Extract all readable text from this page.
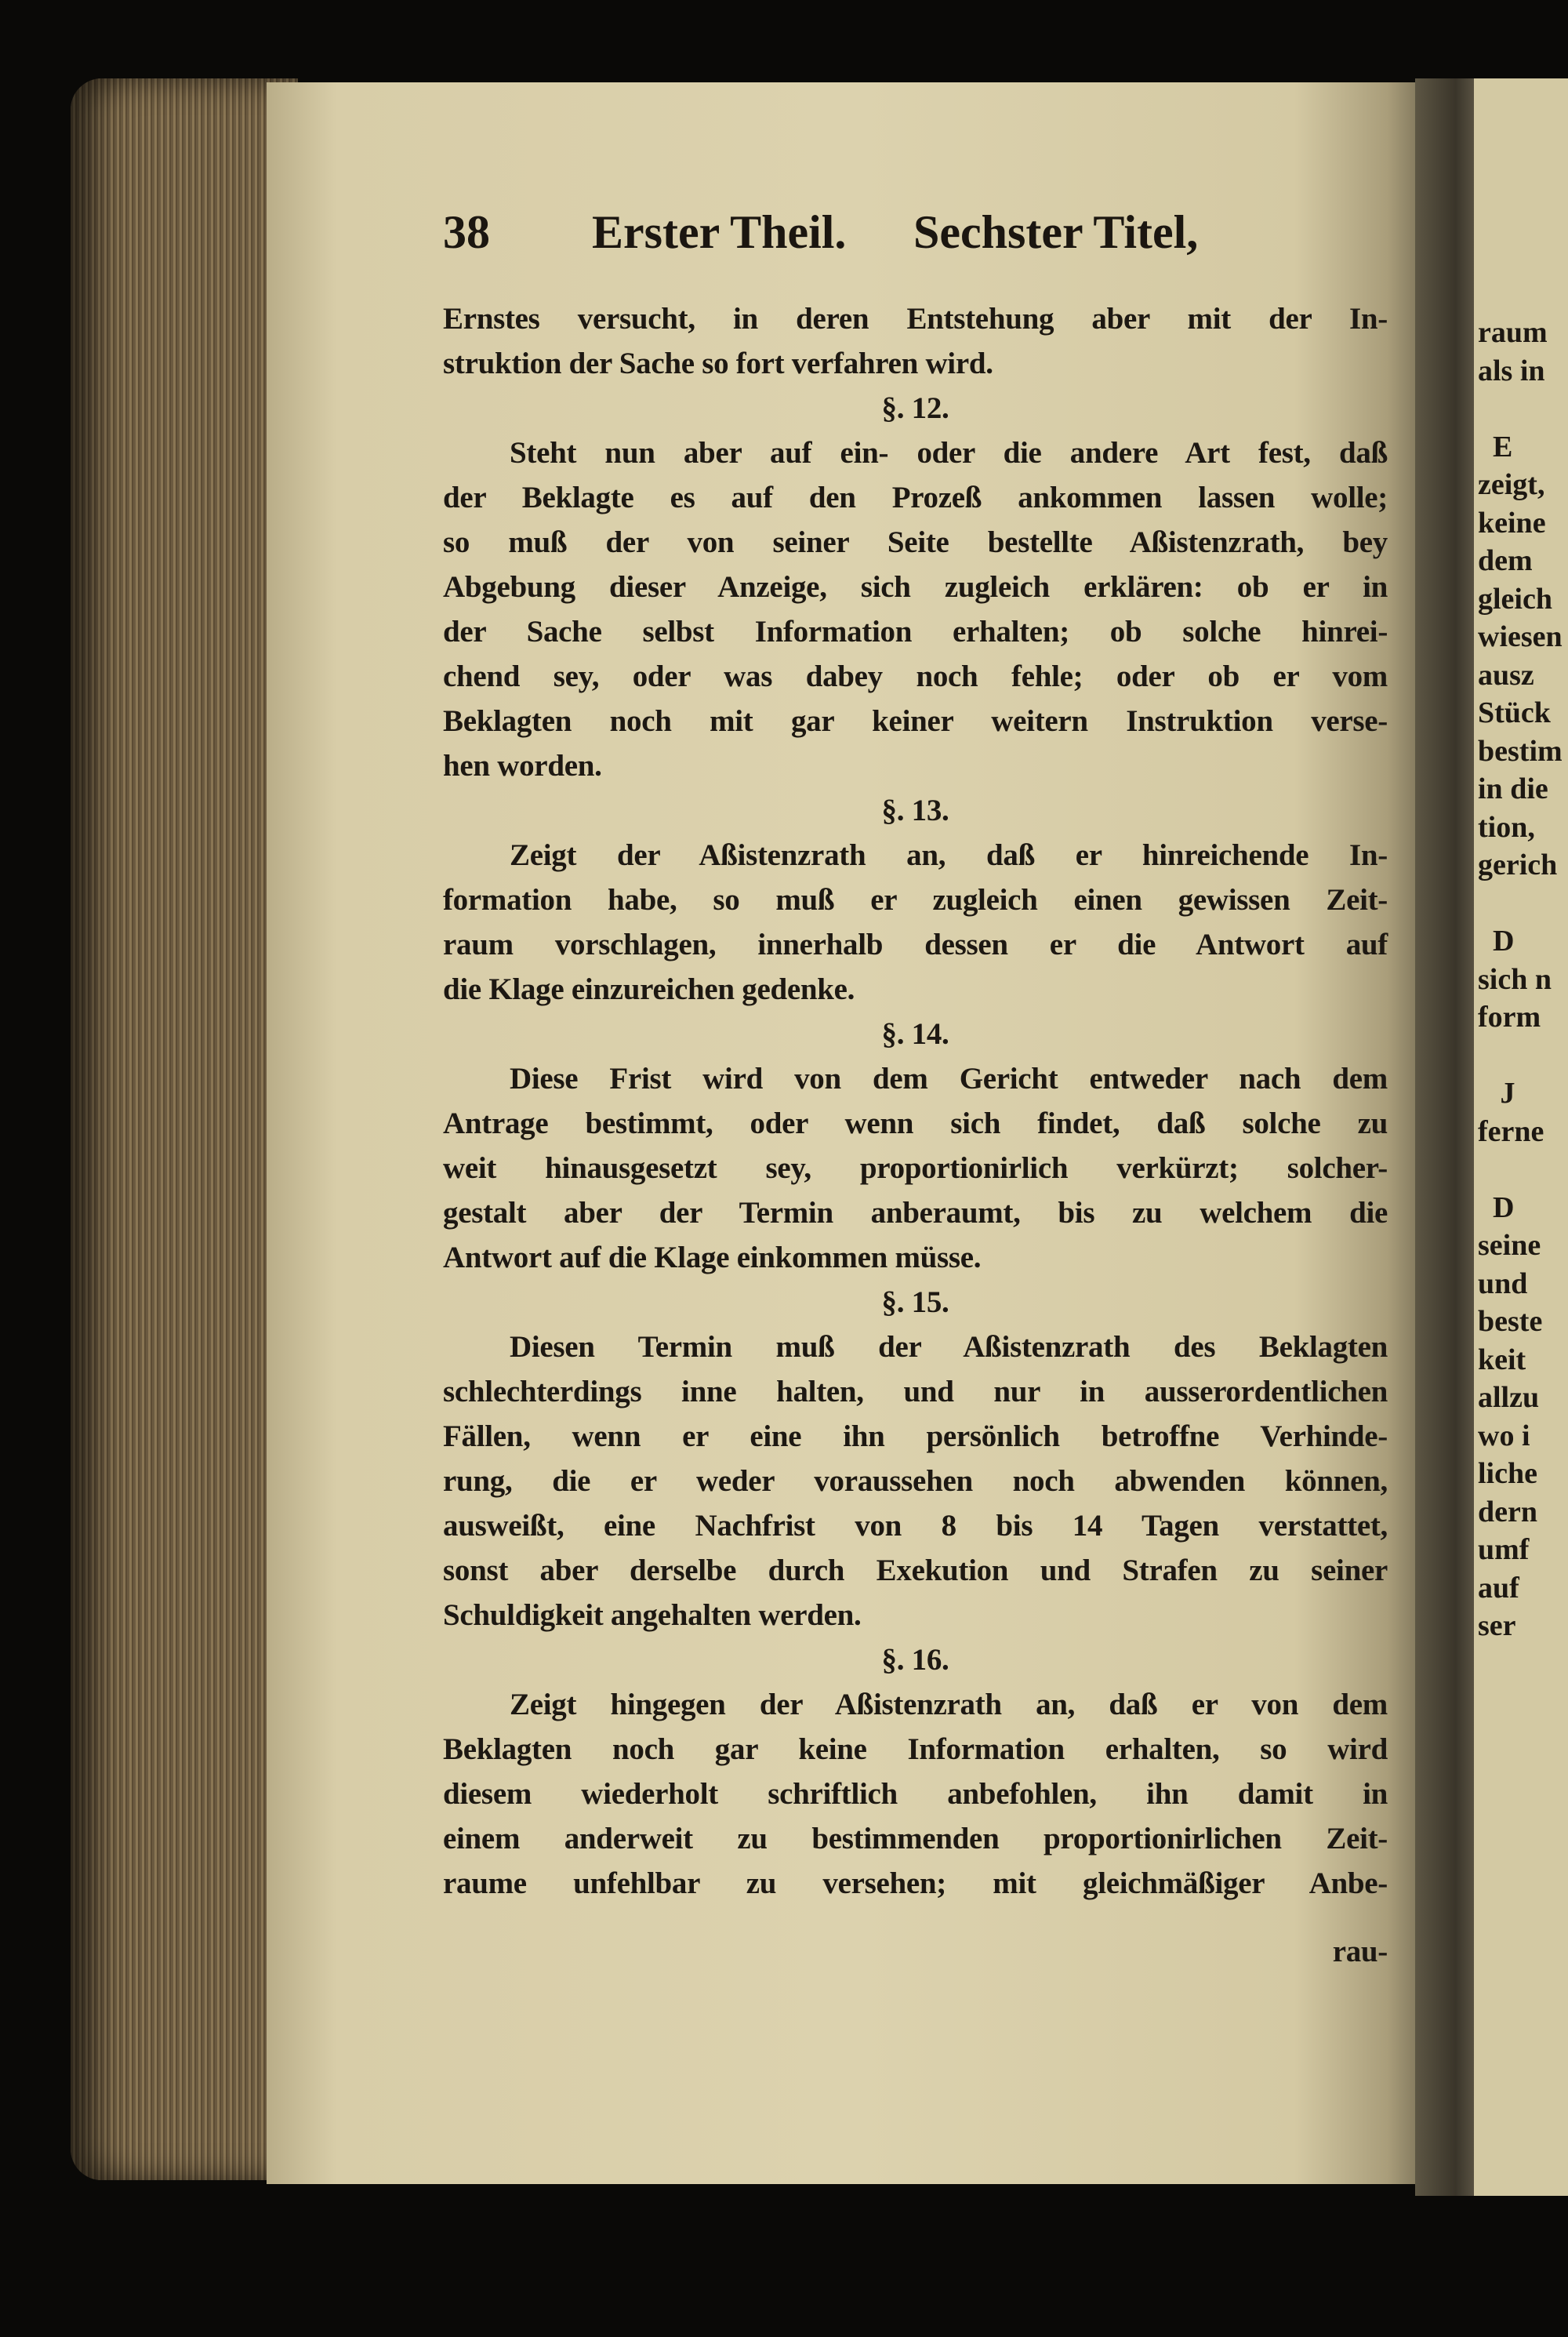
38 Erster Theil. Sechster Titel,
Ernstes versucht, in deren Entstehung aber mit der In-
struktion der Sache so fort verfahren wird.
§. 12.
Steht nun aber auf ein- oder die andere Art fest, daß
der Beklagte es auf den Prozeß ankommen lassen wolle;
so muß der von seiner Seite bestellte Aßistenzrath, bey
Abgebung dieser Anzeige, sich zugleich erklären: ob er in
der Sache selbst Information erhalten; ob solche hinrei-
chend sey, oder was dabey noch fehle; oder ob er vom
Beklagten noch mit gar keiner weitern Instruktion verse-
hen worden.
§. 13.
Zeigt der Aßistenzrath an, daß er hinreichende In-
formation habe, so muß er zugleich einen gewissen Zeit-
raum vorschlagen, innerhalb dessen er die Antwort auf
die Klage einzureichen gedenke.
§. 14.
Diese Frist wird von dem Gericht entweder nach dem
Antrage bestimmt, oder wenn sich findet, daß solche zu
weit hinausgesetzt sey, proportionirlich verkürzt; solcher-
gestalt aber der Termin anberaumt, bis zu welchem die
Antwort auf die Klage einkommen müsse.
§. 15.
Diesen Termin muß der Aßistenzrath des Beklagten
schlechterdings inne halten, und nur in ausserordentlichen
Fällen, wenn er eine ihn persönlich betroffne Verhinde-
rung, die er weder voraussehen noch abwenden können,
ausweißt, eine Nachfrist von 8 bis 14 Tagen verstattet,
sonst aber derselbe durch Exekution und Strafen zu seiner
Schuldigkeit angehalten werden.
§. 16.
Zeigt hingegen der Aßistenzrath an, daß er von dem
Beklagten noch gar keine Information erhalten, so wird
diesem wiederholt schriftlich anbefohlen, ihn damit in
einem anderweit zu bestimmenden proportionirlichen Zeit-
raume unfehlbar zu versehen; mit gleichmäßiger Anbe-
rau-
raum
als in

E
zeigt,
keine
dem
gleich
wiesen
ausz
Stück
bestim
in die
tion,
gerich

D
sich n
form

J
ferne

D
seine
und
beste
keit
allzu
wo i
liche
dern
umf
auf
ser
